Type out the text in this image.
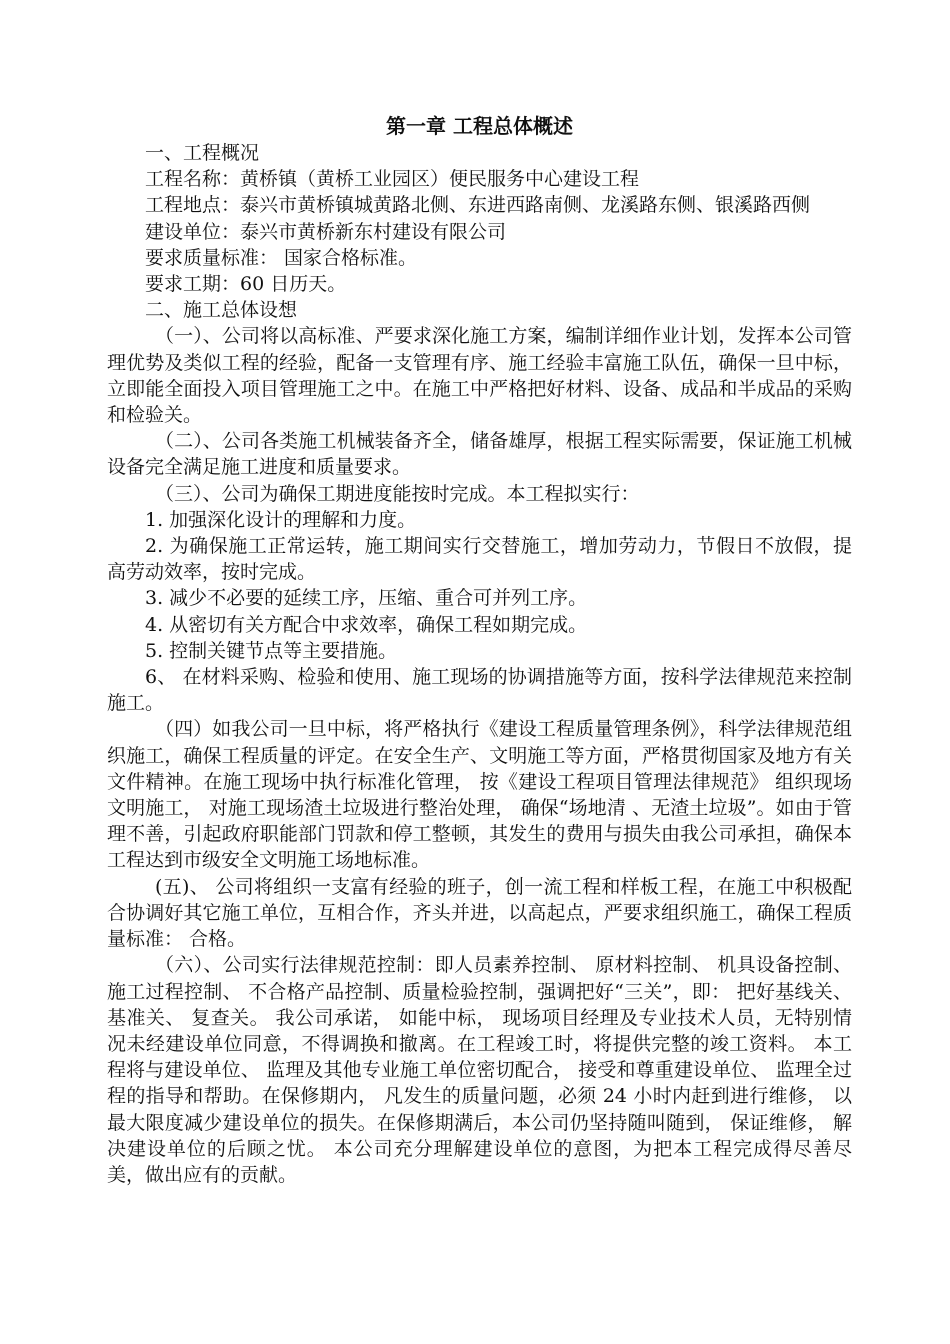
第一章 工程总体概述

一、工程概况

工程名称：黄桥镇（黄桥工业园区）便民服务中心建设工程

工程地点：泰兴市黄桥镇城黄路北侧、东进西路南侧、龙溪路东侧、银溪路西侧

建设单位：泰兴市黄桥新东村建设有限公司

要求质量标准： 国家合格标准。

要求工期：60 日历天。

二、施工总体设想

（一）、公司将以高标准、严要求深化施工方案，编制详细作业计划，发挥本公司管理优势及类似工程的经验，配备一支管理有序、施工经验丰富施工队伍，确保一旦中标，立即能全面投入项目管理施工之中。在施工中严格把好材料、设备、成品和半成品的采购和检验关。

（二）、公司各类施工机械装备齐全，储备雄厚，根据工程实际需要，保证施工机械设备完全满足施工进度和质量要求。

（三）、公司为确保工期进度能按时完成。本工程拟实行：

1. 加强深化设计的理解和力度。

2. 为确保施工正常运转，施工期间实行交替施工，增加劳动力，节假日不放假，提高劳动效率，按时完成。

3. 减少不必要的延续工序，压缩、重合可并列工序。

4. 从密切有关方配合中求效率，确保工程如期完成。

5. 控制关键节点等主要措施。

6、 在材料采购、检验和使用、施工现场的协调措施等方面，按科学法律规范来控制施工。

（四）如我公司一旦中标，将严格执行《建设工程质量管理条例》，科学法律规范组织施工，确保工程质量的评定。在安全生产、文明施工等方面，严格贯彻国家及地方有关文件精神。在施工现场中执行标准化管理， 按《建设工程项目管理法律规范》 组织现场文明施工， 对施工现场渣土垃圾进行整治处理， 确保“场地清 、无渣土垃圾”。如由于管理不善，引起政府职能部门罚款和停工整顿，其发生的费用与损失由我公司承担，确保本工程达到市级安全文明施工场地标准。

(五)、 公司将组织一支富有经验的班子，创一流工程和样板工程，在施工中积极配合协调好其它施工单位，互相合作，齐头并进，以高起点，严要求组织施工，确保工程质量标准： 合格。

（六）、公司实行法律规范控制：即人员素养控制、 原材料控制、 机具设备控制、 施工过程控制、 不合格产品控制、质量检验控制，强调把好“三关”，即： 把好基线关、基准关、 复查关。 我公司承诺， 如能中标， 现场项目经理及专业技术人员，无特别情况未经建设单位同意，不得调换和撤离。在工程竣工时，将提供完整的竣工资料。 本工程将与建设单位、 监理及其他专业施工单位密切配合， 接受和尊重建设单位、 监理全过程的指导和帮助。在保修期内， 凡发生的质量问题，必须 24 小时内赶到进行维修， 以最大限度减少建设单位的损失。在保修期满后，本公司仍坚持随叫随到， 保证维修， 解决建设单位的后顾之忧。 本公司充分理解建设单位的意图，为把本工程完成得尽善尽美，做出应有的贡献。
